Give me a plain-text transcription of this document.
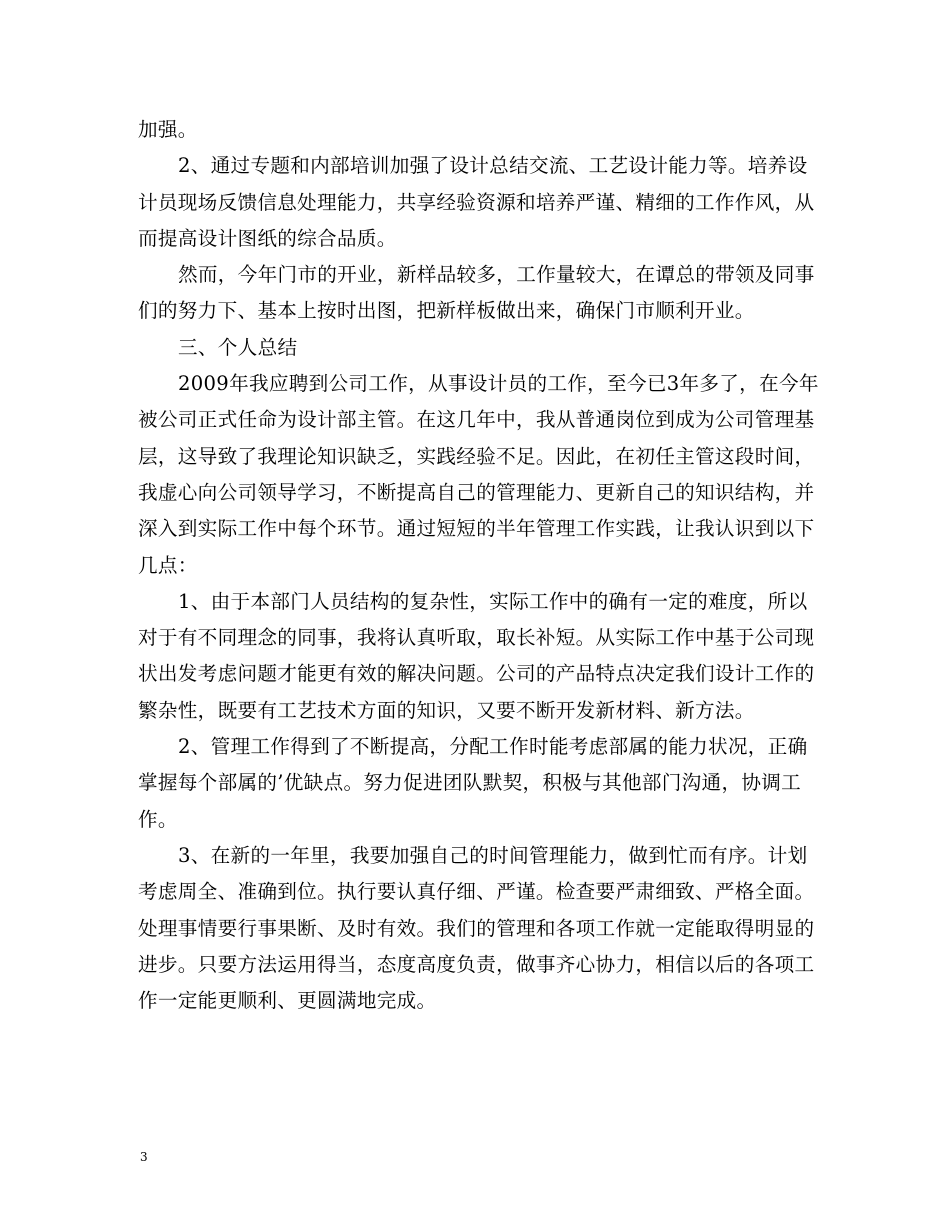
加强。

2、通过专题和内部培训加强了设计总结交流、工艺设计能力等。培养设计员现场反馈信息处理能力，共享经验资源和培养严谨、精细的工作作风，从而提高设计图纸的综合品质。

然而，今年门市的开业，新样品较多，工作量较大，在谭总的带领及同事们的努力下、基本上按时出图，把新样板做出来，确保门市顺利开业。

三、个人总结

2009年我应聘到公司工作，从事设计员的工作，至今已3年多了，在今年被公司正式任命为设计部主管。在这几年中，我从普通岗位到成为公司管理基层，这导致了我理论知识缺乏，实践经验不足。因此，在初任主管这段时间，我虚心向公司领导学习，不断提高自己的管理能力、更新自己的知识结构，并深入到实际工作中每个环节。通过短短的半年管理工作实践，让我认识到以下几点：

1、由于本部门人员结构的复杂性，实际工作中的确有一定的难度，所以对于有不同理念的同事，我将认真听取，取长补短。从实际工作中基于公司现状出发考虑问题才能更有效的解决问题。公司的产品特点决定我们设计工作的繁杂性，既要有工艺技术方面的知识，又要不断开发新材料、新方法。

2、管理工作得到了不断提高，分配工作时能考虑部属的能力状况，正确掌握每个部属的’优缺点。努力促进团队默契，积极与其他部门沟通，协调工作。

3、在新的一年里，我要加强自己的时间管理能力，做到忙而有序。计划考虑周全、准确到位。执行要认真仔细、严谨。检查要严肃细致、严格全面。处理事情要行事果断、及时有效。我们的管理和各项工作就一定能取得明显的进步。只要方法运用得当，态度高度负责，做事齐心协力，相信以后的各项工作一定能更顺利、更圆满地完成。

3
